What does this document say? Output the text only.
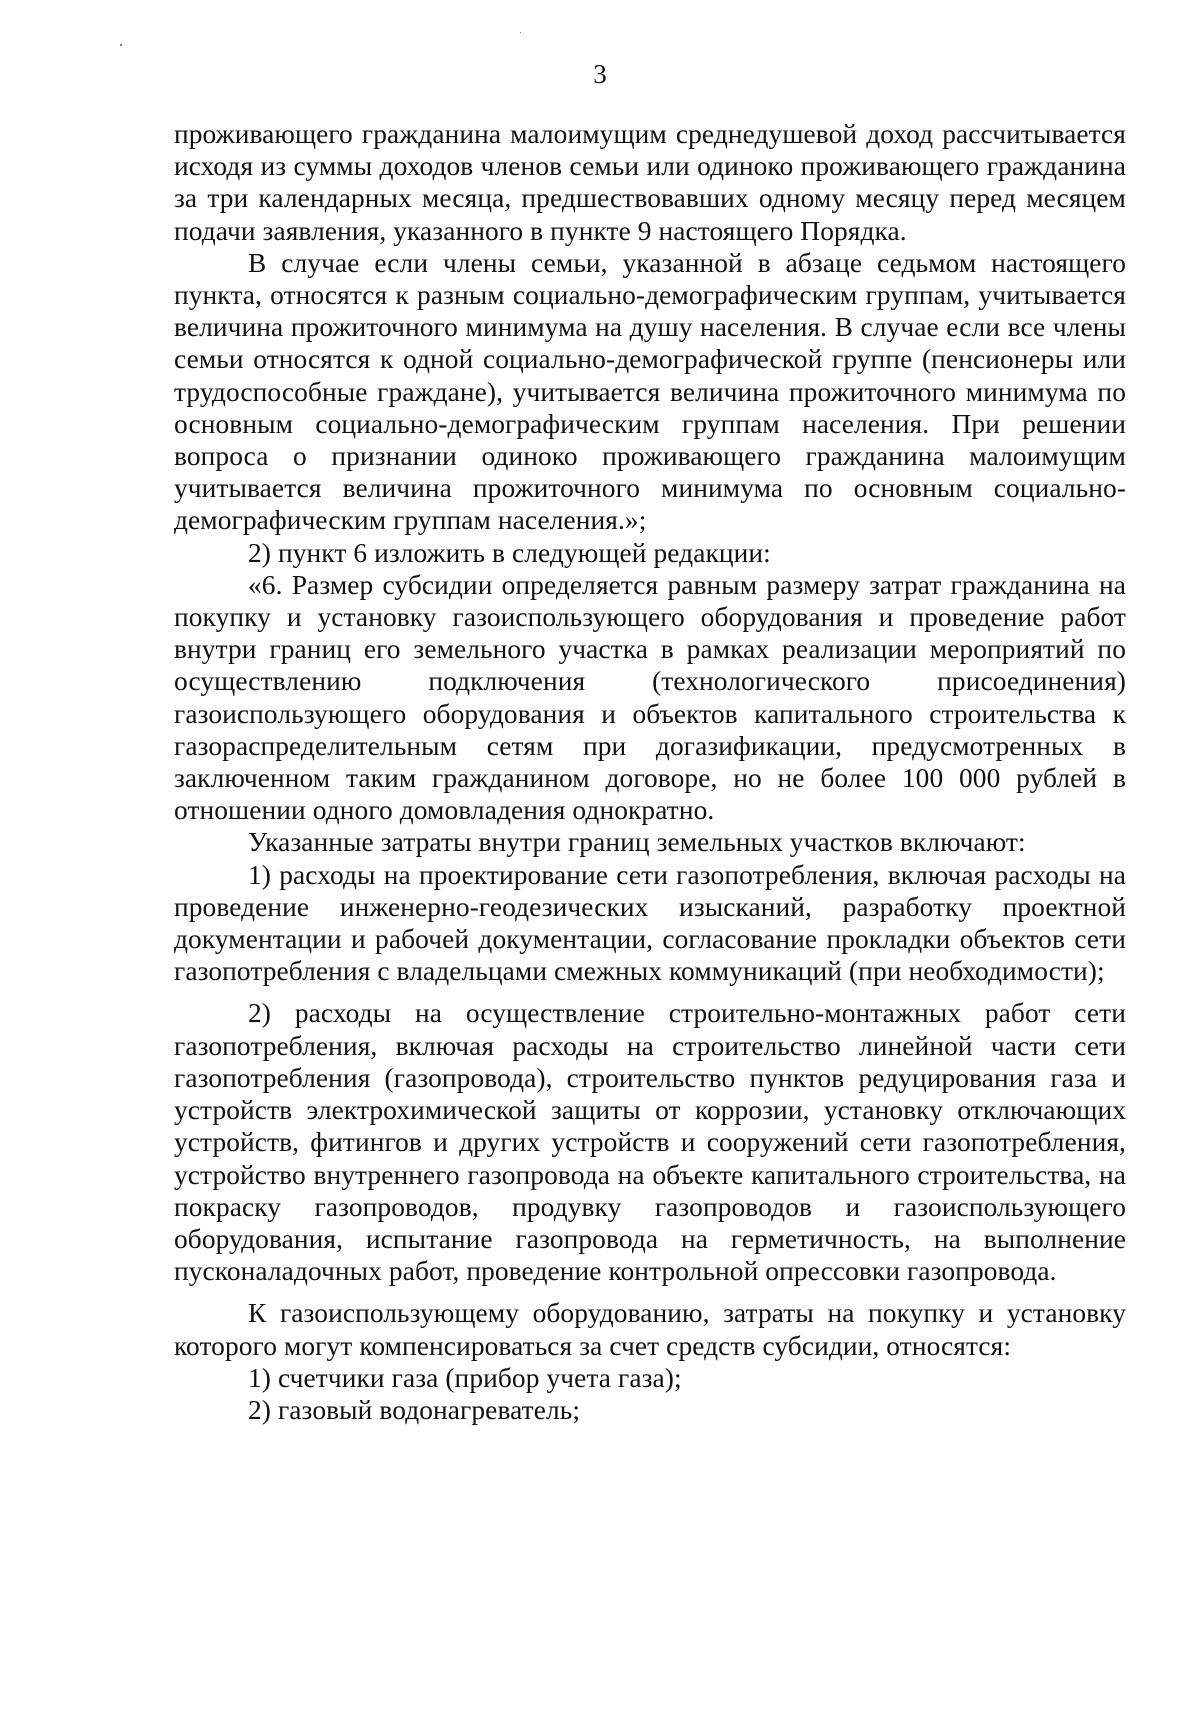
3

проживающего гражданина малоимущим среднедушевой доход рассчитывается исходя из суммы доходов членов семьи или одиноко проживающего гражданина за три календарных месяца, предшествовавших одному месяцу перед месяцем подачи заявления, указанного в пункте 9 настоящего Порядка.

В случае если члены семьи, указанной в абзаце седьмом настоящего пункта, относятся к разным социально-демографическим группам, учитывается величина прожиточного минимума на душу населения. В случае если все члены семьи относятся к одной социально-демографической группе (пенсионеры или трудоспособные граждане), учитывается величина прожиточного минимума по основным социально-демографическим группам населения. При решении вопроса о признании одиноко проживающего гражданина малоимущим учитывается величина прожиточного минимума по основным социально-демографическим группам населения.»;

2) пункт 6 изложить в следующей редакции:

«6. Размер субсидии определяется равным размеру затрат гражданина на покупку и установку газоиспользующего оборудования и проведение работ внутри границ его земельного участка в рамках реализации мероприятий по осуществлению подключения (технологического присоединения) газоиспользующего оборудования и объектов капитального строительства к газораспределительным сетям при догазификации, предусмотренных в заключенном таким гражданином договоре, но не более 100 000 рублей в отношении одного домовладения однократно.

Указанные затраты внутри границ земельных участков включают:

1) расходы на проектирование сети газопотребления, включая расходы на проведение инженерно-геодезических изысканий, разработку проектной документации и рабочей документации, согласование прокладки объектов сети газопотребления с владельцами смежных коммуникаций (при необходимости);

2) расходы на осуществление строительно-монтажных работ сети газопотребления, включая расходы на строительство линейной части сети газопотребления (газопровода), строительство пунктов редуцирования газа и устройств электрохимической защиты от коррозии, установку отключающих устройств, фитингов и других устройств и сооружений сети газопотребления, устройство внутреннего газопровода на объекте капитального строительства, на покраску газопроводов, продувку газопроводов и газоиспользующего оборудования, испытание газопровода на герметичность, на выполнение пусконаладочных работ, проведение контрольной опрессовки газопровода.

К газоиспользующему оборудованию, затраты на покупку и установку которого могут компенсироваться за счет средств субсидии, относятся:

1) счетчики газа (прибор учета газа);

2) газовый водонагреватель;
